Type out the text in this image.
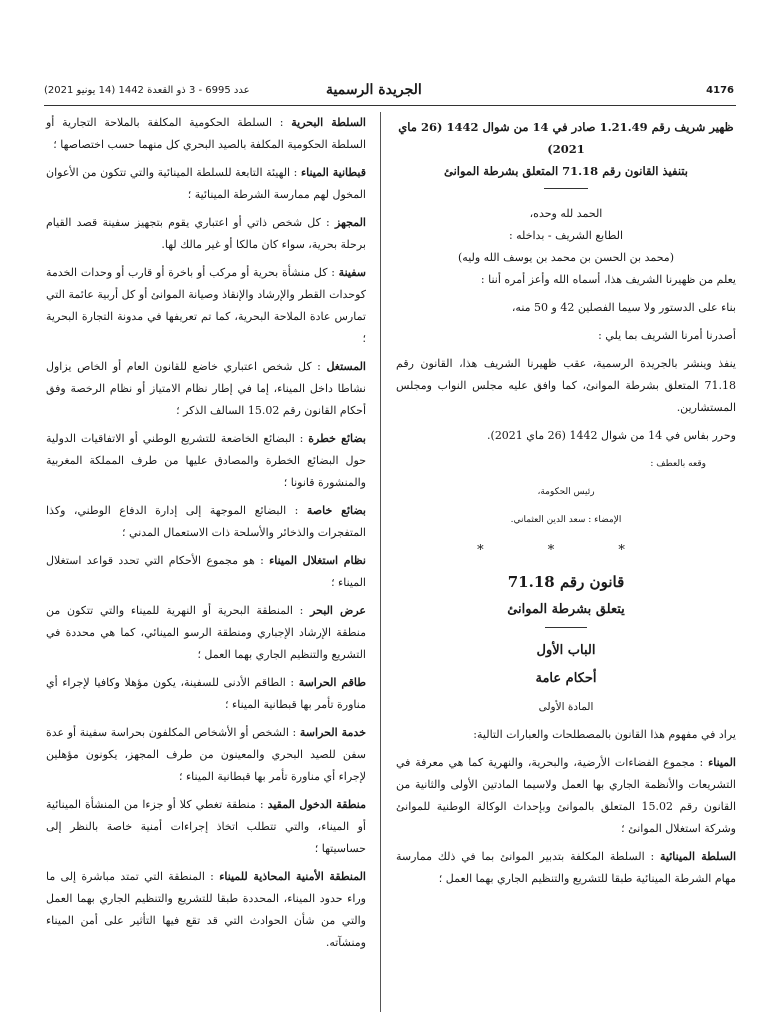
4176
الجريدة الرسمية
عدد 6995 - 3 ذو القعدة 1442 (14 يونيو 2021)

ظهير شريف رقم 1.21.49 صادر في 14 من شوال 1442 (26 ماي 2021)
بتنفيذ القانون رقم 71.18 المتعلق بشرطة الموانئ

الحمد لله وحده،

الطابع الشريف - بداخله :

(محمد بن الحسن بن محمد بن يوسف الله وليه)

يعلم من ظهيرنا الشريف هذا، أسماه الله وأعز أمره أننا :

بناء على الدستور ولا سيما الفصلين 42 و 50 منه،

أصدرنا أمرنا الشريف بما يلي :

ينفذ وينشر بالجريدة الرسمية، عقب ظهيرنا الشريف هذا، القانون رقم 71.18 المتعلق بشرطة الموانئ، كما وافق عليه مجلس النواب ومجلس المستشارين.

وحرر بفاس في 14 من شوال 1442 (26 ماي 2021).

وقعه بالعطف :

رئيس الحكومة،

الإمضاء : سعد الدين العثماني.

* * *

قانون رقم 71.18

يتعلق بشرطة الموانئ

الباب الأول

أحكام عامة

المادة الأولى

يراد في مفهوم هذا القانون بالمصطلحات والعبارات التالية:

الميناء : مجموع الفضاءات الأرضية، والبحرية، والنهرية كما هي معرفة في التشريعات والأنظمة الجاري بها العمل ولاسيما المادتين الأولى والثانية من القانون رقم 15.02 المتعلق بالموانئ وبإحداث الوكالة الوطنية للموانئ وشركة استغلال الموانئ ؛

السلطة المينائية : السلطة المكلفة بتدبير الموانئ بما في ذلك ممارسة مهام الشرطة المينائية طبقا للتشريع والتنظيم الجاري بهما العمل ؛

السلطة البحرية : السلطة الحكومية المكلفة بالملاحة التجارية أو السلطة الحكومية المكلفة بالصيد البحري كل منهما حسب اختصاصها ؛

قبطانية الميناء : الهيئة التابعة للسلطة المينائية والتي تتكون من الأعوان المخول لهم ممارسة الشرطة المينائية ؛

المجهز : كل شخص ذاتي أو اعتباري يقوم بتجهيز سفينة قصد القيام برحلة بحرية، سواء كان مالكا أو غير مالك لها.

سفينة : كل منشأة بحرية أو مركب أو باخرة أو قارب أو وحدات الخدمة كوحدات القطر والإرشاد والإنقاذ وصيانة الموانئ أو كل أربية عائمة التي تمارس عادة الملاحة البحرية، كما تم تعريفها في مدونة التجارة البحرية ؛

المستغل : كل شخص اعتباري خاضع للقانون العام أو الخاص يزاول نشاطا داخل الميناء، إما في إطار نظام الامتياز أو نظام الرخصة وفق أحكام القانون رقم 15.02 السالف الذكر ؛

بضائع خطرة : البضائع الخاضعة للتشريع الوطني أو الاتفاقيات الدولية حول البضائع الخطرة والمصادق عليها من طرف المملكة المغربية والمنشورة قانونا ؛

بضائع خاصة : البضائع الموجهة إلى إدارة الدفاع الوطني، وكذا المتفجرات والذخائر والأسلحة ذات الاستعمال المدني ؛

نظام استغلال الميناء : هو مجموع الأحكام التي تحدد قواعد استغلال الميناء ؛

عرض البحر : المنطقة البحرية أو النهرية للميناء والتي تتكون من منطقة الإرشاد الإجباري ومنطقة الرسو المينائي، كما هي محددة في التشريع والتنظيم الجاري بهما العمل ؛

طاقم الحراسة : الطاقم الأدنى للسفينة، يكون مؤهلا وكافيا لإجراء أي مناورة تأمر بها قبطانية الميناء ؛

خدمة الحراسة : الشخص أو الأشخاص المكلفون بحراسة سفينة أو عدة سفن للصيد البحري والمعينون من طرف المجهز، يكونون مؤهلين لإجراء أي مناورة تأمر بها قبطانية الميناء ؛

منطقة الدخول المقيد : منطقة تغطي كلا أو جزءا من المنشأة المينائية أو الميناء، والتي تتطلب اتخاذ إجراءات أمنية خاصة بالنظر إلى حساسيتها ؛

المنطقة الأمنية المحاذية للميناء : المنطقة التي تمتد مباشرة إلى ما وراء حدود الميناء، المحددة طبقا للتشريع والتنظيم الجاري بهما العمل والتي من شأن الحوادث التي قد تقع فيها التأثير على أمن الميناء ومنشآته.
